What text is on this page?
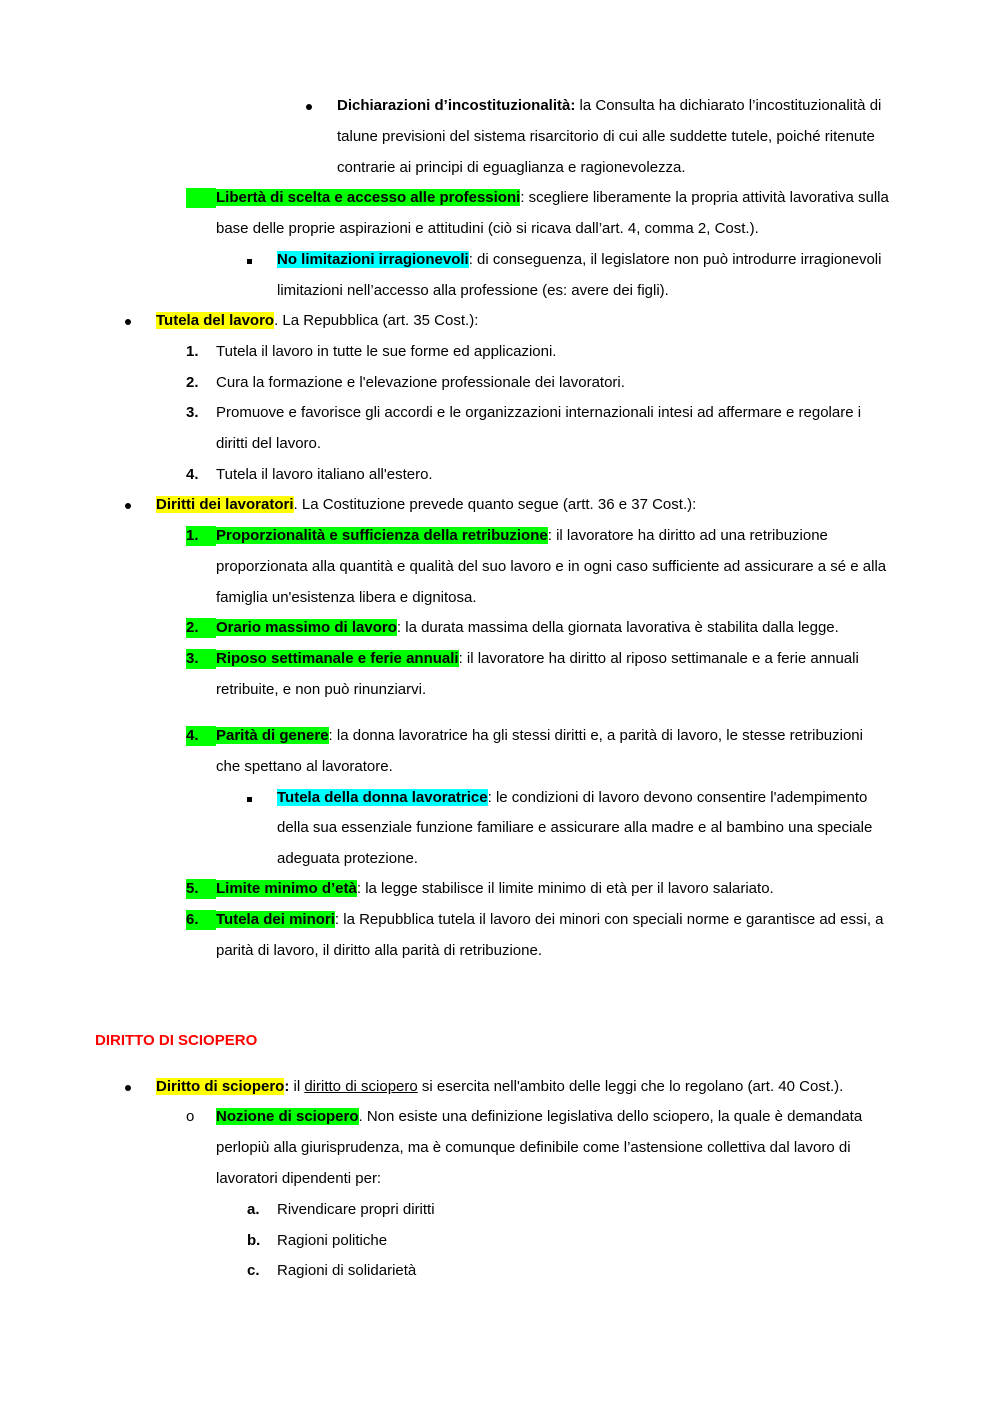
Dichiarazioni d’incostituzionalità: la Consulta ha dichiarato l’incostituzionalità di
talune previsioni del sistema risarcitorio di cui alle suddette tutele, poiché ritenute
contrarie ai principi di eguaglianza e ragionevolezza.
Libertà di scelta e accesso alle professioni: scegliere liberamente la propria attività lavorativa sulla
base delle proprie aspirazioni e attitudini (ciò si ricava dall’art. 4, comma 2, Cost.).
No limitazioni irragionevoli: di conseguenza, il legislatore non può introdurre irragionevoli
limitazioni nell’accesso alla professione (es: avere dei figli).
Tutela del lavoro. La Repubblica (art. 35 Cost.):
1. Tutela il lavoro in tutte le sue forme ed applicazioni.
2. Cura la formazione e l'elevazione professionale dei lavoratori.
3. Promuove e favorisce gli accordi e le organizzazioni internazionali intesi ad affermare e regolare i
diritti del lavoro.
4. Tutela il lavoro italiano all'estero.
Diritti dei lavoratori. La Costituzione prevede quanto segue (artt. 36 e 37 Cost.):
1. Proporzionalità e sufficienza della retribuzione: il lavoratore ha diritto ad una retribuzione
proporzionata alla quantità e qualità del suo lavoro e in ogni caso sufficiente ad assicurare a sé e alla
famiglia un'esistenza libera e dignitosa.
2. Orario massimo di lavoro: la durata massima della giornata lavorativa è stabilita dalla legge.
3. Riposo settimanale e ferie annuali: il lavoratore ha diritto al riposo settimanale e a ferie annuali
retribuite, e non può rinunziarvi.
4. Parità di genere: la donna lavoratrice ha gli stessi diritti e, a parità di lavoro, le stesse retribuzioni
che spettano al lavoratore.
Tutela della donna lavoratrice: le condizioni di lavoro devono consentire l'adempimento
della sua essenziale funzione familiare e assicurare alla madre e al bambino una speciale
adeguata protezione.
5. Limite minimo d’età: la legge stabilisce il limite minimo di età per il lavoro salariato.
6. Tutela dei minori: la Repubblica tutela il lavoro dei minori con speciali norme e garantisce ad essi, a
parità di lavoro, il diritto alla parità di retribuzione.
DIRITTO DI SCIOPERO
Diritto di sciopero: il diritto di sciopero si esercita nell'ambito delle leggi che lo regolano (art. 40 Cost.).
o Nozione di sciopero. Non esiste una definizione legislativa dello sciopero, la quale è demandata
perlopiù alla giurisprudenza, ma è comunque definibile come l’astensione collettiva dal lavoro di
lavoratori dipendenti per:
a. Rivendicare propri diritti
b. Ragioni politiche
c. Ragioni di solidarietà
